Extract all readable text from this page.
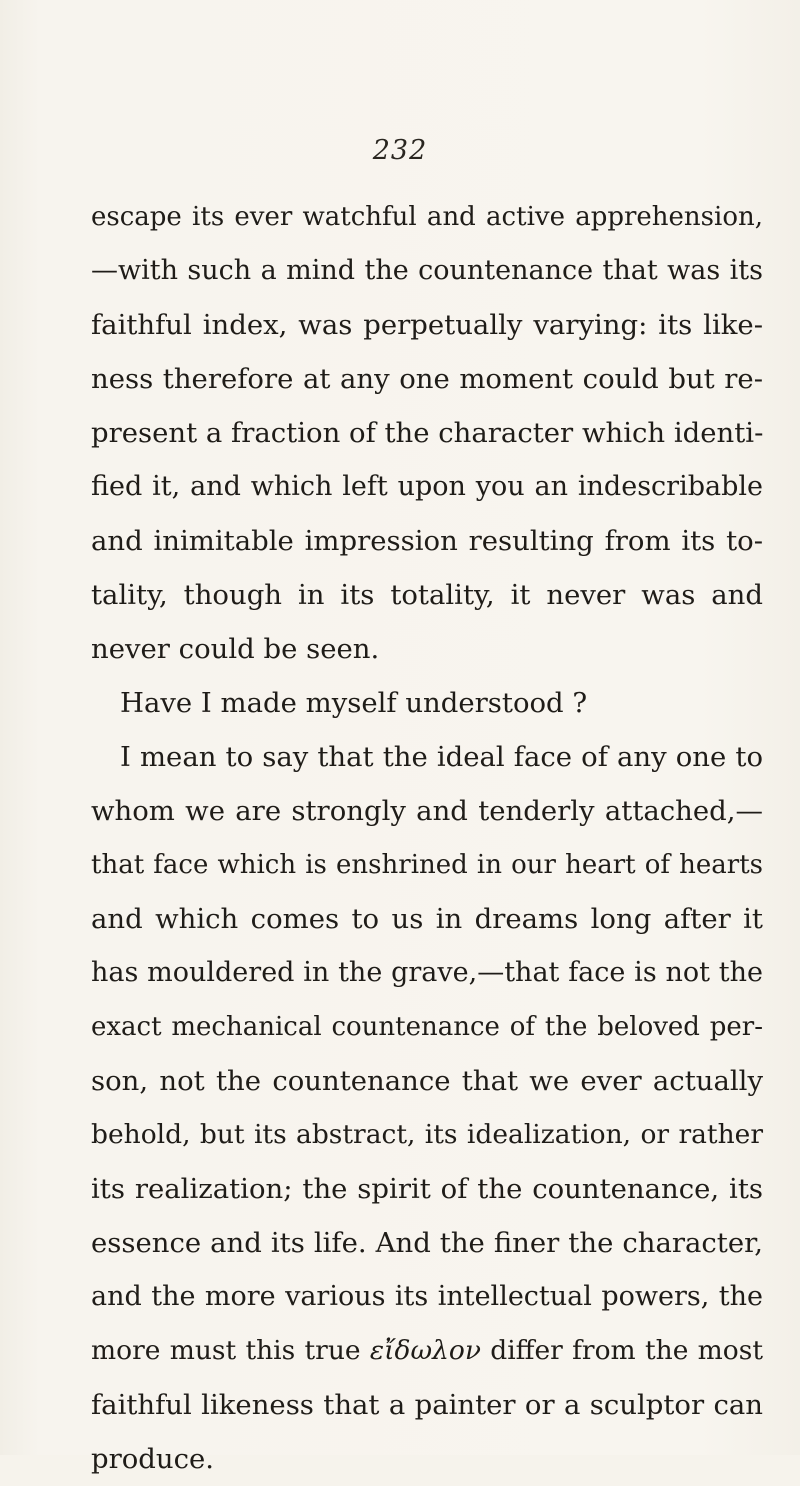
232
escape its ever watchful and active apprehension,
—with such a mind the countenance that was its
faithful index, was perpetually varying: its like-
ness therefore at any one moment could but re-
present a fraction of the character which identi-
fied it, and which left upon you an indescribable
and inimitable impression resulting from its to-
tality, though in its totality, it never was and
never could be seen.
Have I made myself understood ?
I mean to say that the ideal face of any one to
whom we are strongly and tenderly attached,—
that face which is enshrined in our heart of hearts
and which comes to us in dreams long after it
has mouldered in the grave,—that face is not the
exact mechanical countenance of the beloved per-
son, not the countenance that we ever actually
behold, but its abstract, its idealization, or rather
its realization; the spirit of the countenance, its
essence and its life. And the finer the character,
and the more various its intellectual powers, the
more must this true εἴδωλον differ from the most
faithful likeness that a painter or a sculptor can
produce.
